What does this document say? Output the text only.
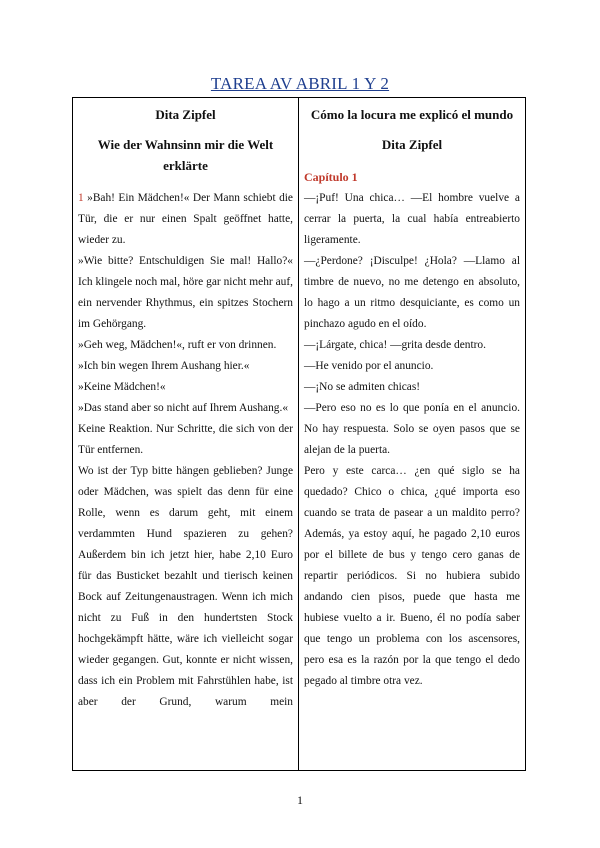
TAREA AV ABRIL 1 Y 2

Dita Zipfel

Wie der Wahnsinn mir die Welt erklärte

1 »Bah! Ein Mädchen!« Der Mann schiebt die Tür, die er nur einen Spalt geöffnet hatte, wieder zu.

»Wie bitte? Entschuldigen Sie mal! Hallo?« Ich klingele noch mal, höre gar nicht mehr auf, ein nervender Rhythmus, ein spitzes Stochern im Gehörgang.

»Geh weg, Mädchen!«, ruft er von drinnen.

»Ich bin wegen Ihrem Aushang hier.«

»Keine Mädchen!«

»Das stand aber so nicht auf Ihrem Aushang.«

Keine Reaktion. Nur Schritte, die sich von der Tür entfernen.

Wo ist der Typ bitte hängen geblieben? Junge oder Mädchen, was spielt das denn für eine Rolle, wenn es darum geht, mit einem verdammten Hund spazieren zu gehen? Außerdem bin ich jetzt hier, habe 2,10 Euro für das Busticket bezahlt und tierisch keinen Bock auf Zeitungenaustragen. Wenn ich mich nicht zu Fuß in den hundertsten Stock hochgekämpft hätte, wäre ich vielleicht sogar wieder gegangen. Gut, konnte er nicht wissen, dass ich ein Problem mit Fahrstühlen habe, ist aber der Grund, warum mein

Cómo la locura me explicó el mundo

Dita Zipfel

Capítulo 1

—¡Puf! Una chica… —El hombre vuelve a cerrar la puerta, la cual había entreabierto ligeramente.

—¿Perdone? ¡Disculpe! ¿Hola? —Llamo al timbre de nuevo, no me detengo en absoluto, lo hago a un ritmo desquiciante, es como un pinchazo agudo en el oído.

—¡Lárgate, chica! —grita desde dentro.

—He venido por el anuncio.

—¡No se admiten chicas!

—Pero eso no es lo que ponía en el anuncio. No hay respuesta. Solo se oyen pasos que se alejan de la puerta.

Pero y este carca… ¿en qué siglo se ha quedado? Chico o chica, ¿qué importa eso cuando se trata de pasear a un maldito perro? Además, ya estoy aquí, he pagado 2,10 euros por el billete de bus y tengo cero ganas de repartir periódicos. Si no hubiera subido andando cien pisos, puede que hasta me hubiese vuelto a ir. Bueno, él no podía saber que tengo un problema con los ascensores, pero esa es la razón por la que tengo el dedo pegado al timbre otra vez.

1
